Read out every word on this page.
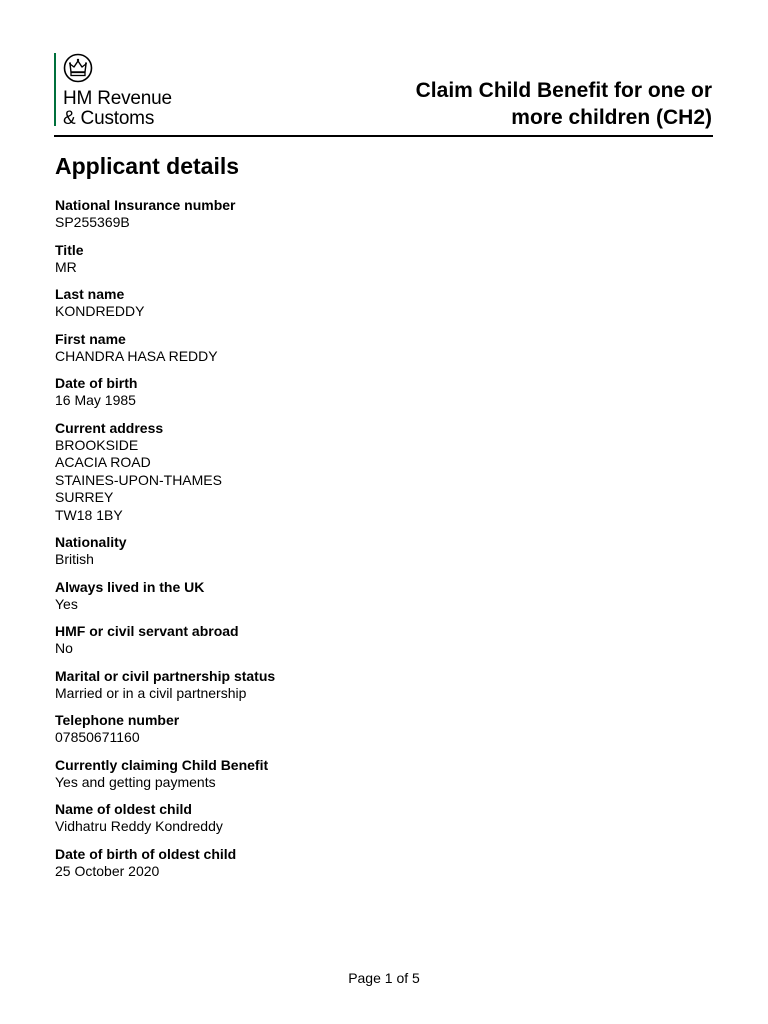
HM Revenue
& Customs
Claim Child Benefit for one or
more children (CH2)
Applicant details
National Insurance number
SP255369B
Title
MR
Last name
KONDREDDY
First name
CHANDRA HASA REDDY
Date of birth
16 May 1985
Current address
BROOKSIDE
ACACIA ROAD
STAINES-UPON-THAMES
SURREY
TW18 1BY
Nationality
British
Always lived in the UK
Yes
HMF or civil servant abroad
No
Marital or civil partnership status
Married or in a civil partnership
Telephone number
07850671160
Currently claiming Child Benefit
Yes and getting payments
Name of oldest child
Vidhatru Reddy Kondreddy
Date of birth of oldest child
25 October 2020
Page 1 of 5
